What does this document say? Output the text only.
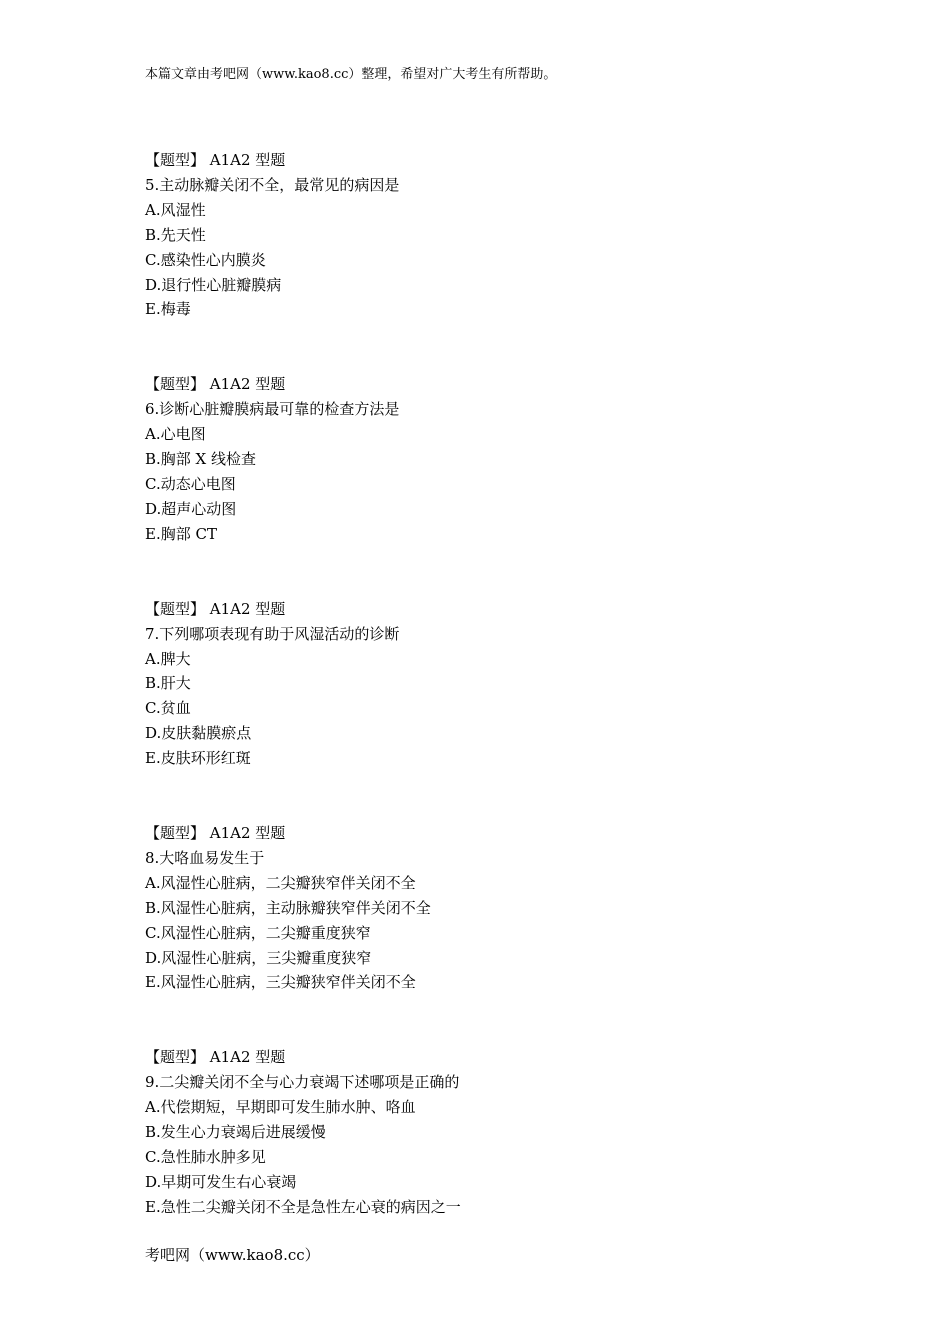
本篇文章由考吧网（www.kao8.cc）整理，希望对广大考生有所帮助。
【题型】 A1A2 型题
5.主动脉瓣关闭不全，最常见的病因是
A.风湿性
B.先天性
C.感染性心内膜炎
D.退行性心脏瓣膜病
E.梅毒
【题型】 A1A2 型题
6.诊断心脏瓣膜病最可靠的检查方法是
A.心电图
B.胸部 X 线检查
C.动态心电图
D.超声心动图
E.胸部 CT
【题型】 A1A2 型题
7.下列哪项表现有助于风湿活动的诊断
A.脾大
B.肝大
C.贫血
D.皮肤黏膜瘀点
E.皮肤环形红斑
【题型】 A1A2 型题
8.大咯血易发生于
A.风湿性心脏病，二尖瓣狭窄伴关闭不全
B.风湿性心脏病，主动脉瓣狭窄伴关闭不全
C.风湿性心脏病，二尖瓣重度狭窄
D.风湿性心脏病，三尖瓣重度狭窄
E.风湿性心脏病，三尖瓣狭窄伴关闭不全
【题型】 A1A2 型题
9.二尖瓣关闭不全与心力衰竭下述哪项是正确的
A.代偿期短，早期即可发生肺水肿、咯血
B.发生心力衰竭后进展缓慢
C.急性肺水肿多见
D.早期可发生右心衰竭
E.急性二尖瓣关闭不全是急性左心衰的病因之一
考吧网（www.kao8.cc）
